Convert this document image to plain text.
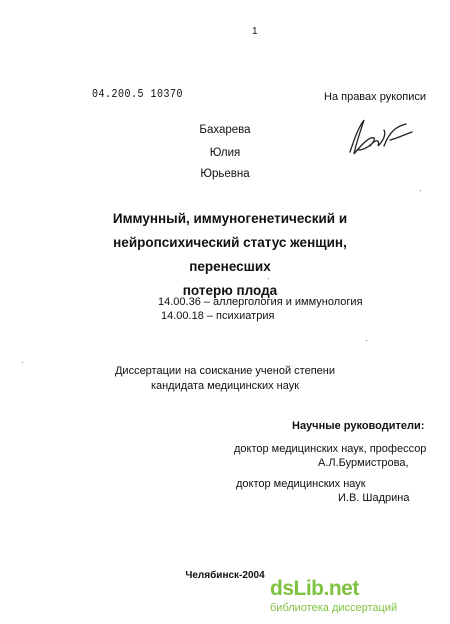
1
04.200.5 10370	На правах рукописи
Бахарева
Юлия
Юрьевна
Иммунный, иммуногенетический и
нейропсихический статус женщин, перенесших
потерю плода
14.00.36 – аллергология и иммунология
14.00.18 – психиатрия
Диссертации на соискание ученой степени
кандидата медицинских наук
Научные руководители:
доктор медицинских наук, профессор
А.Л.Бурмистрова,
доктор медицинских наук
И.В. Шадрина
Челябинск-2004
dsLib.net
библиотека диссертаций
